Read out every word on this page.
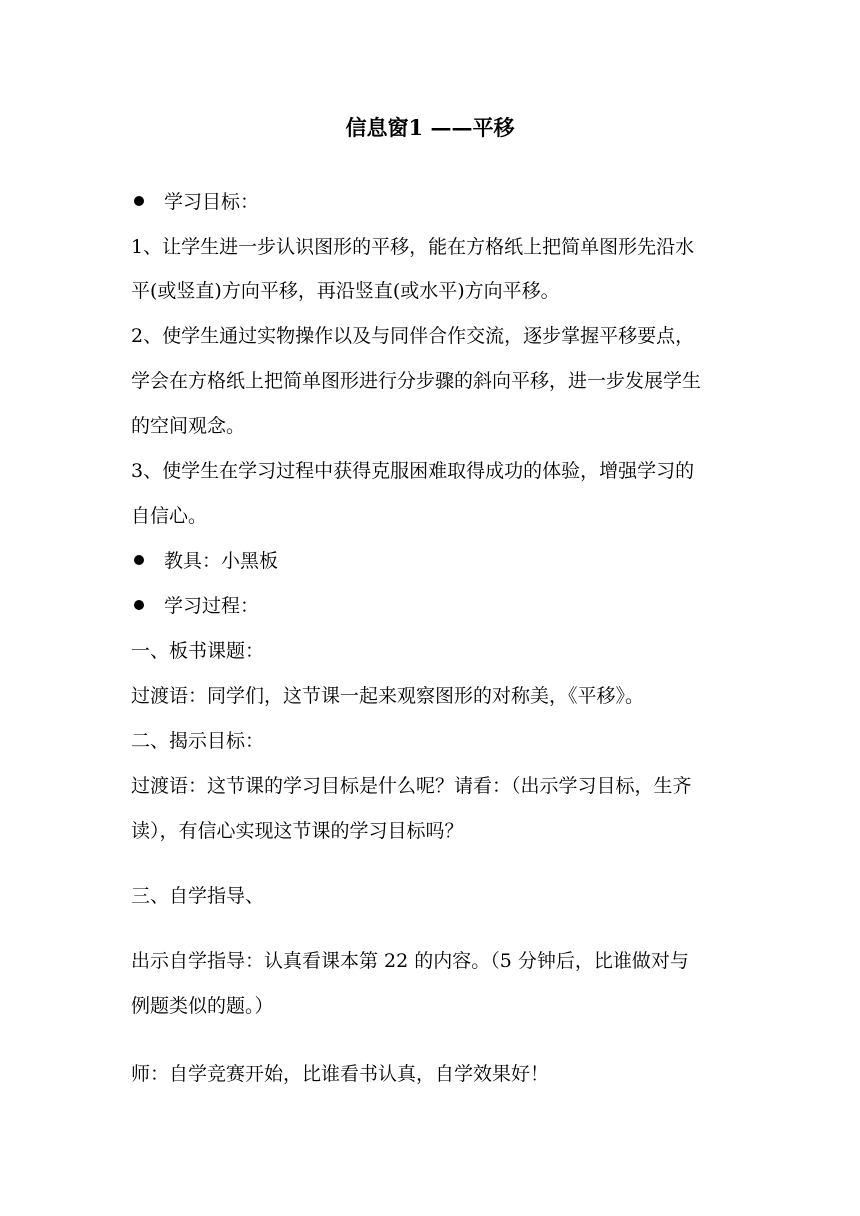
信息窗1 ——平移
学习目标：
1、让学生进一步认识图形的平移，能在方格纸上把简单图形先沿水
平(或竖直)方向平移，再沿竖直(或水平)方向平移。
2、使学生通过实物操作以及与同伴合作交流，逐步掌握平移要点，
学会在方格纸上把简单图形进行分步骤的斜向平移，进一步发展学生
的空间观念。
3、使学生在学习过程中获得克服困难取得成功的体验，增强学习的
自信心。
教具：小黑板
学习过程：
一、板书课题：
过渡语：同学们，这节课一起来观察图形的对称美，《平移》。
二、揭示目标：
过渡语：这节课的学习目标是什么呢？请看：（出示学习目标，生齐
读），有信心实现这节课的学习目标吗？
三、自学指导、
出示自学指导：认真看课本第 22 的内容。（5 分钟后，比谁做对与
例题类似的题。）
师：自学竞赛开始，比谁看书认真，自学效果好！
